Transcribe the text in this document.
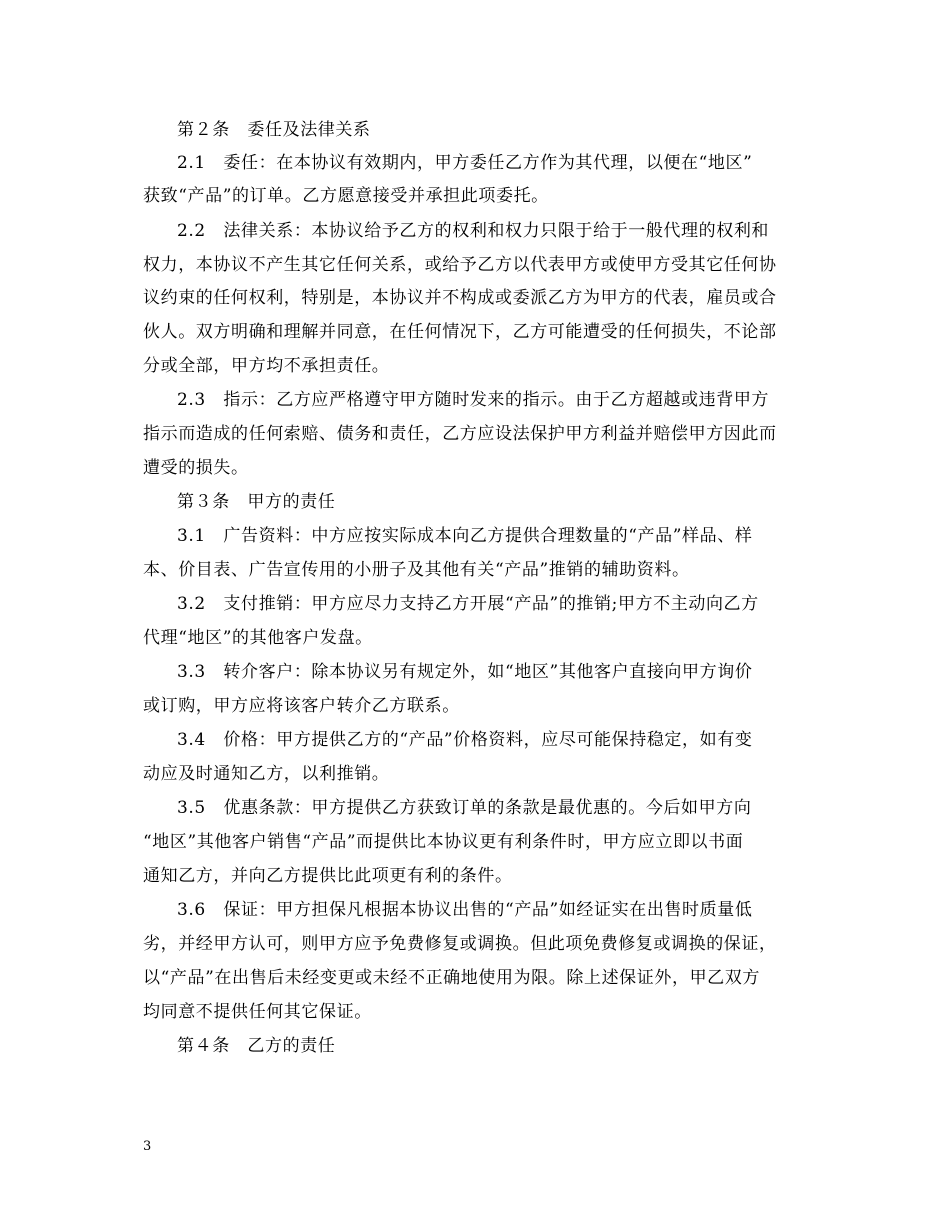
第２条　委任及法律关系
2.1　委任：在本协议有效期内，甲方委任乙方作为其代理，以便在“地区”
获致“产品”的订单。乙方愿意接受并承担此项委托。
2.2　法律关系：本协议给予乙方的权利和权力只限于给于一般代理的权利和
权力，本协议不产生其它任何关系，或给予乙方以代表甲方或使甲方受其它任何协
议约束的任何权利，特别是，本协议并不构成或委派乙方为甲方的代表，雇员或合
伙人。双方明确和理解并同意，在任何情况下，乙方可能遭受的任何损失，不论部
分或全部，甲方均不承担责任。
2.3　指示：乙方应严格遵守甲方随时发来的指示。由于乙方超越或违背甲方
指示而造成的任何索赔、债务和责任，乙方应设法保护甲方利益并赔偿甲方因此而
遭受的损失。
第３条　甲方的责任
3.1　广告资料：中方应按实际成本向乙方提供合理数量的“产品”样品、样
本、价目表、广告宣传用的小册子及其他有关“产品”推销的辅助资料。
3.2　支付推销：甲方应尽力支持乙方开展“产品”的推销;甲方不主动向乙方
代理“地区”的其他客户发盘。
3.3　转介客户：除本协议另有规定外，如“地区”其他客户直接向甲方询价
或订购，甲方应将该客户转介乙方联系。
3.4　价格：甲方提供乙方的“产品”价格资料，应尽可能保持稳定，如有变
动应及时通知乙方，以利推销。
3.5　优惠条款：甲方提供乙方获致订单的条款是最优惠的。今后如甲方向
“地区”其他客户销售“产品”而提供比本协议更有利条件时，甲方应立即以书面
通知乙方，并向乙方提供比此项更有利的条件。
3.6　保证：甲方担保凡根据本协议出售的“产品”如经证实在出售时质量低
劣，并经甲方认可，则甲方应予免费修复或调换。但此项免费修复或调换的保证，
以“产品”在出售后未经变更或未经不正确地使用为限。除上述保证外，甲乙双方
均同意不提供任何其它保证。
第４条　乙方的责任
3
